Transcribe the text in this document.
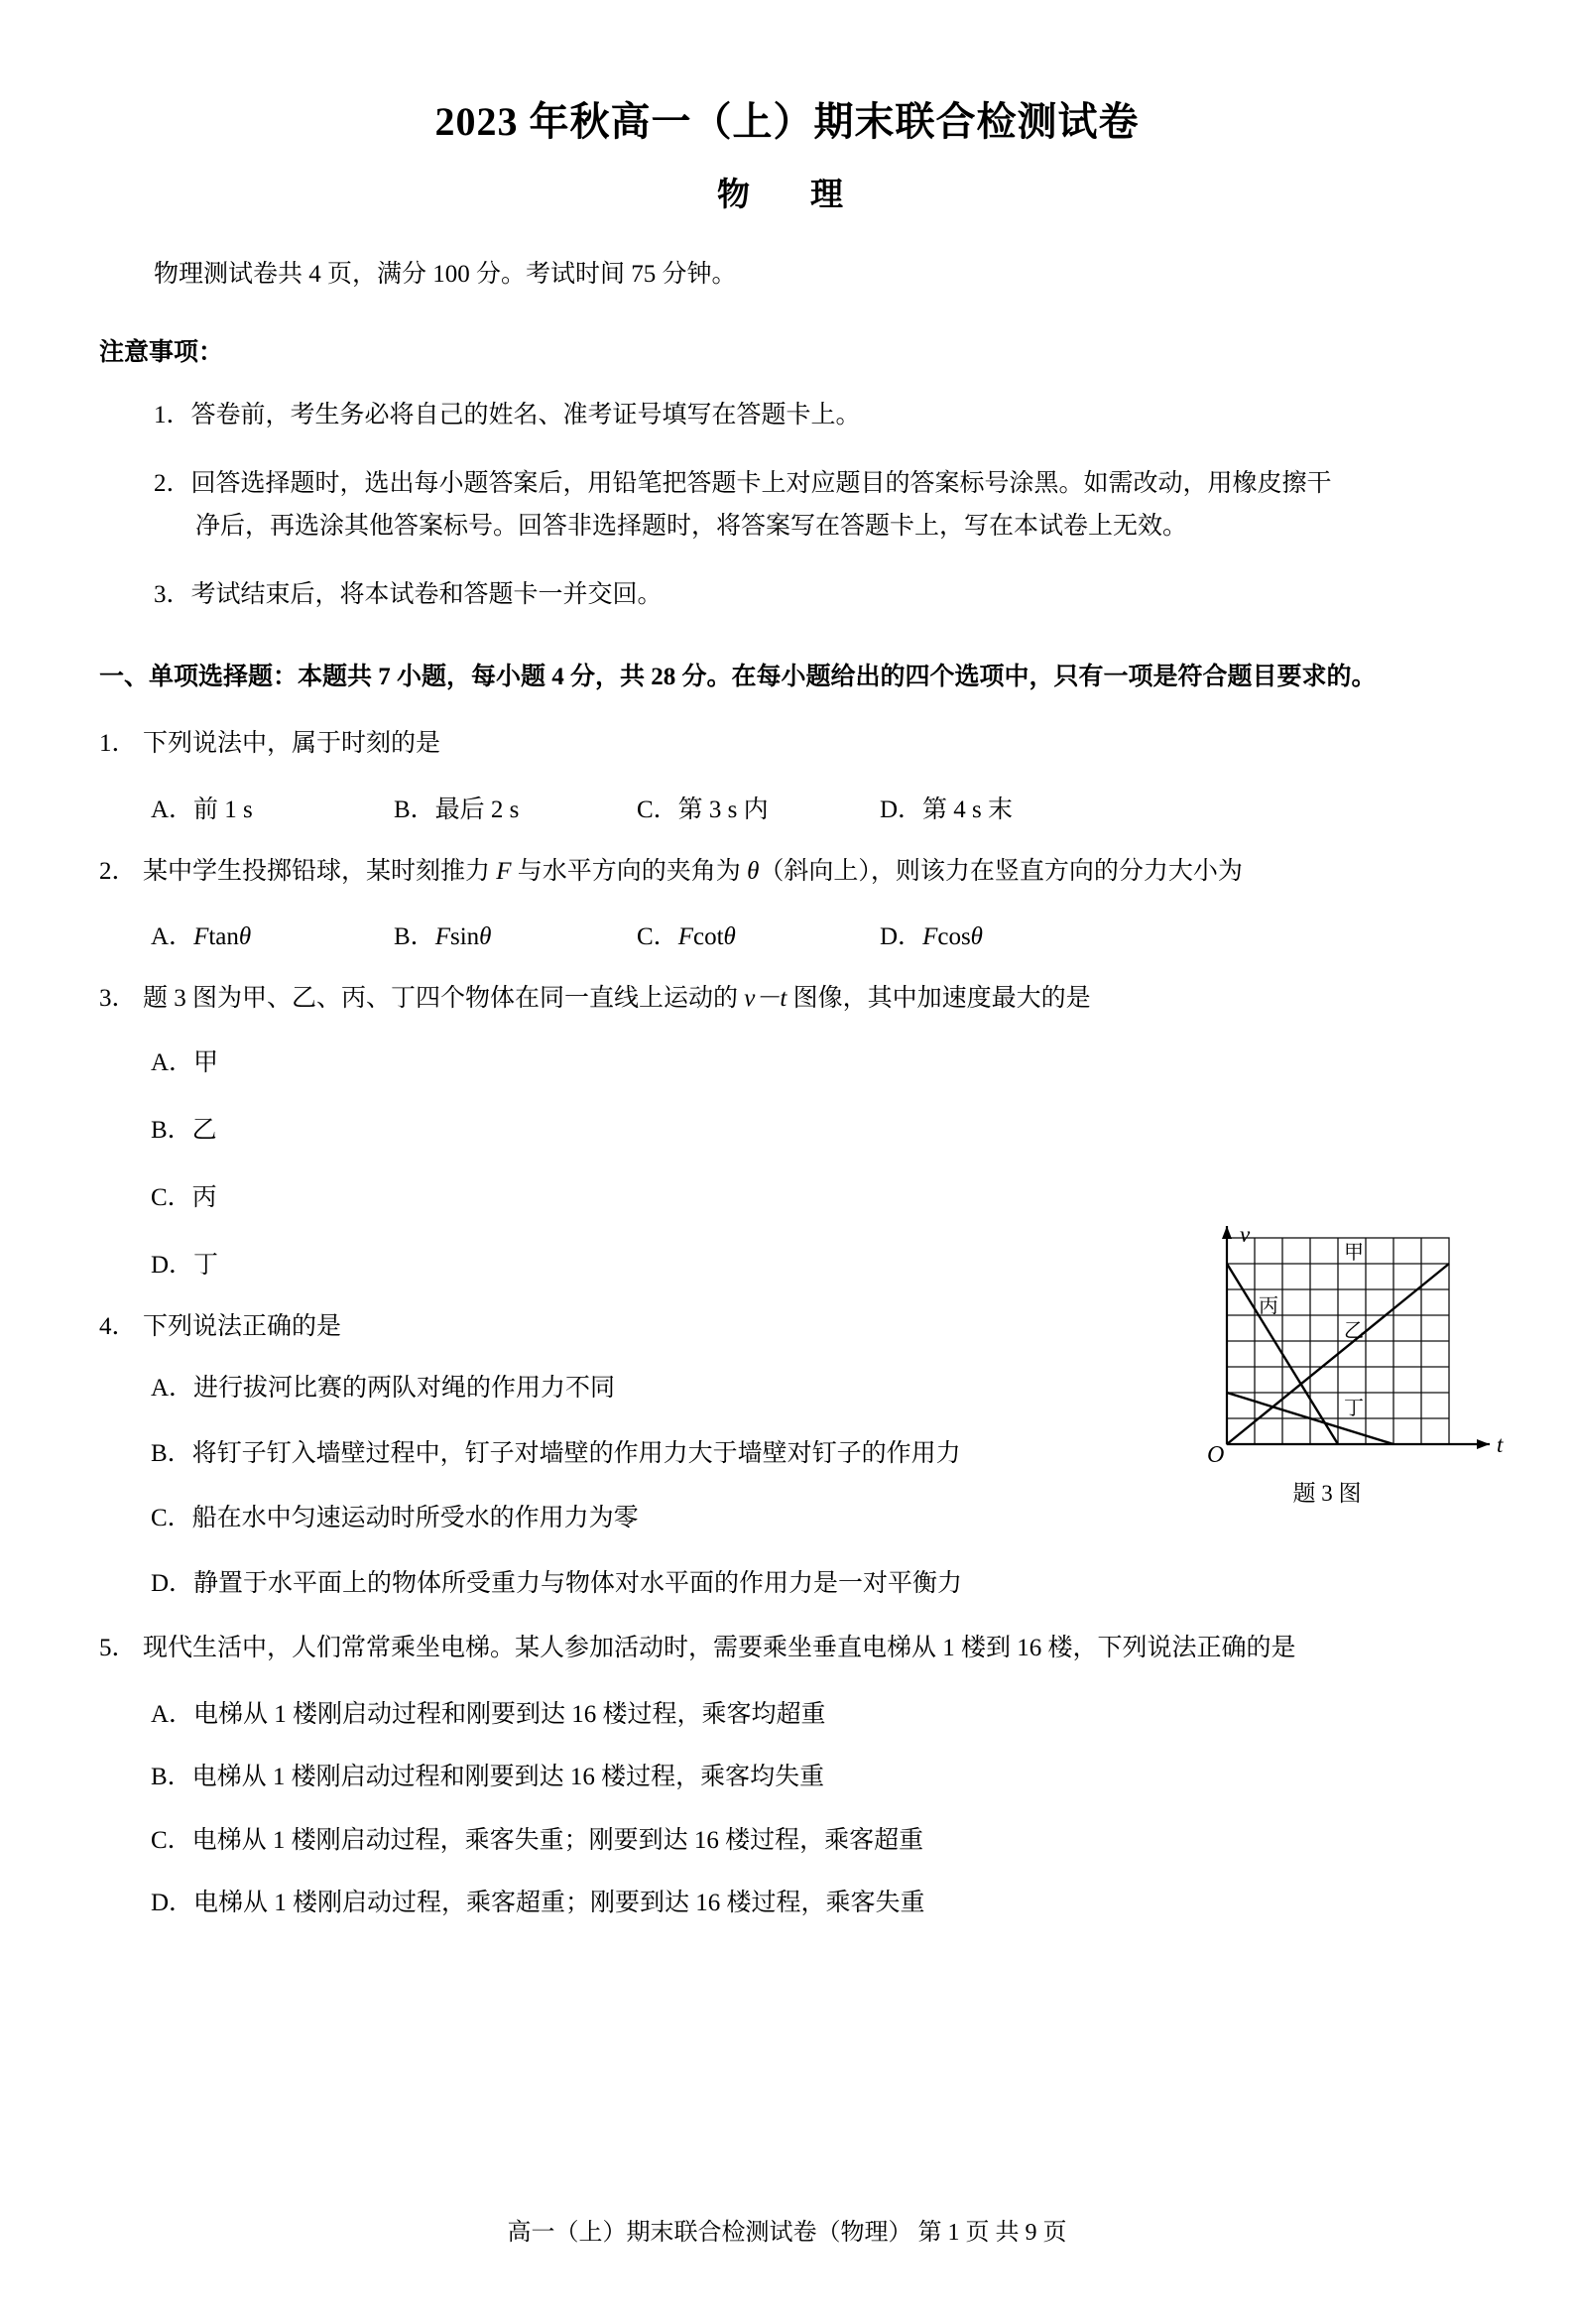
2023 年秋高一（上）期末联合检测试卷
物　理
物理测试卷共 4 页，满分 100 分。考试时间 75 分钟。
注意事项：
1．答卷前，考生务必将自己的姓名、准考证号填写在答题卡上。
2．回答选择题时，选出每小题答案后，用铅笔把答题卡上对应题目的答案标号涂黑。如需改动，用橡皮擦干
净后，再选涂其他答案标号。回答非选择题时，将答案写在答题卡上，写在本试卷上无效。
3．考试结束后，将本试卷和答题卡一并交回。
一、单项选择题：本题共 7 小题，每小题 4 分，共 28 分。在每小题给出的四个选项中，只有一项是符合题目要求的。
1． 下列说法中，属于时刻的是
A．前 1 s	B．最后 2 s	C．第 3 s 内	D．第 4 s 末
2． 某中学生投掷铅球，某时刻推力 F 与水平方向的夹角为 θ（斜向上），则该力在竖直方向的分力大小为
A．Ftanθ	B．Fsinθ	C．Fcotθ	D．Fcosθ
3． 题 3 图为甲、乙、丙、丁四个物体在同一直线上运动的 v－t 图像，其中加速度最大的是
A．甲
B．乙
C．丙
D．丁
v
t
O
甲
乙
丙
丁
题 3 图
4． 下列说法正确的是
A．进行拔河比赛的两队对绳的作用力不同
B．将钉子钉入墙壁过程中，钉子对墙壁的作用力大于墙壁对钉子的作用力
C．船在水中匀速运动时所受水的作用力为零
D．静置于水平面上的物体所受重力与物体对水平面的作用力是一对平衡力
5． 现代生活中，人们常常乘坐电梯。某人参加活动时，需要乘坐垂直电梯从 1 楼到 16 楼，下列说法正确的是
A．电梯从 1 楼刚启动过程和刚要到达 16 楼过程，乘客均超重
B．电梯从 1 楼刚启动过程和刚要到达 16 楼过程，乘客均失重
C．电梯从 1 楼刚启动过程，乘客失重；刚要到达 16 楼过程，乘客超重
D．电梯从 1 楼刚启动过程，乘客超重；刚要到达 16 楼过程，乘客失重
高一（上）期末联合检测试卷（物理） 第 1 页 共 9 页
